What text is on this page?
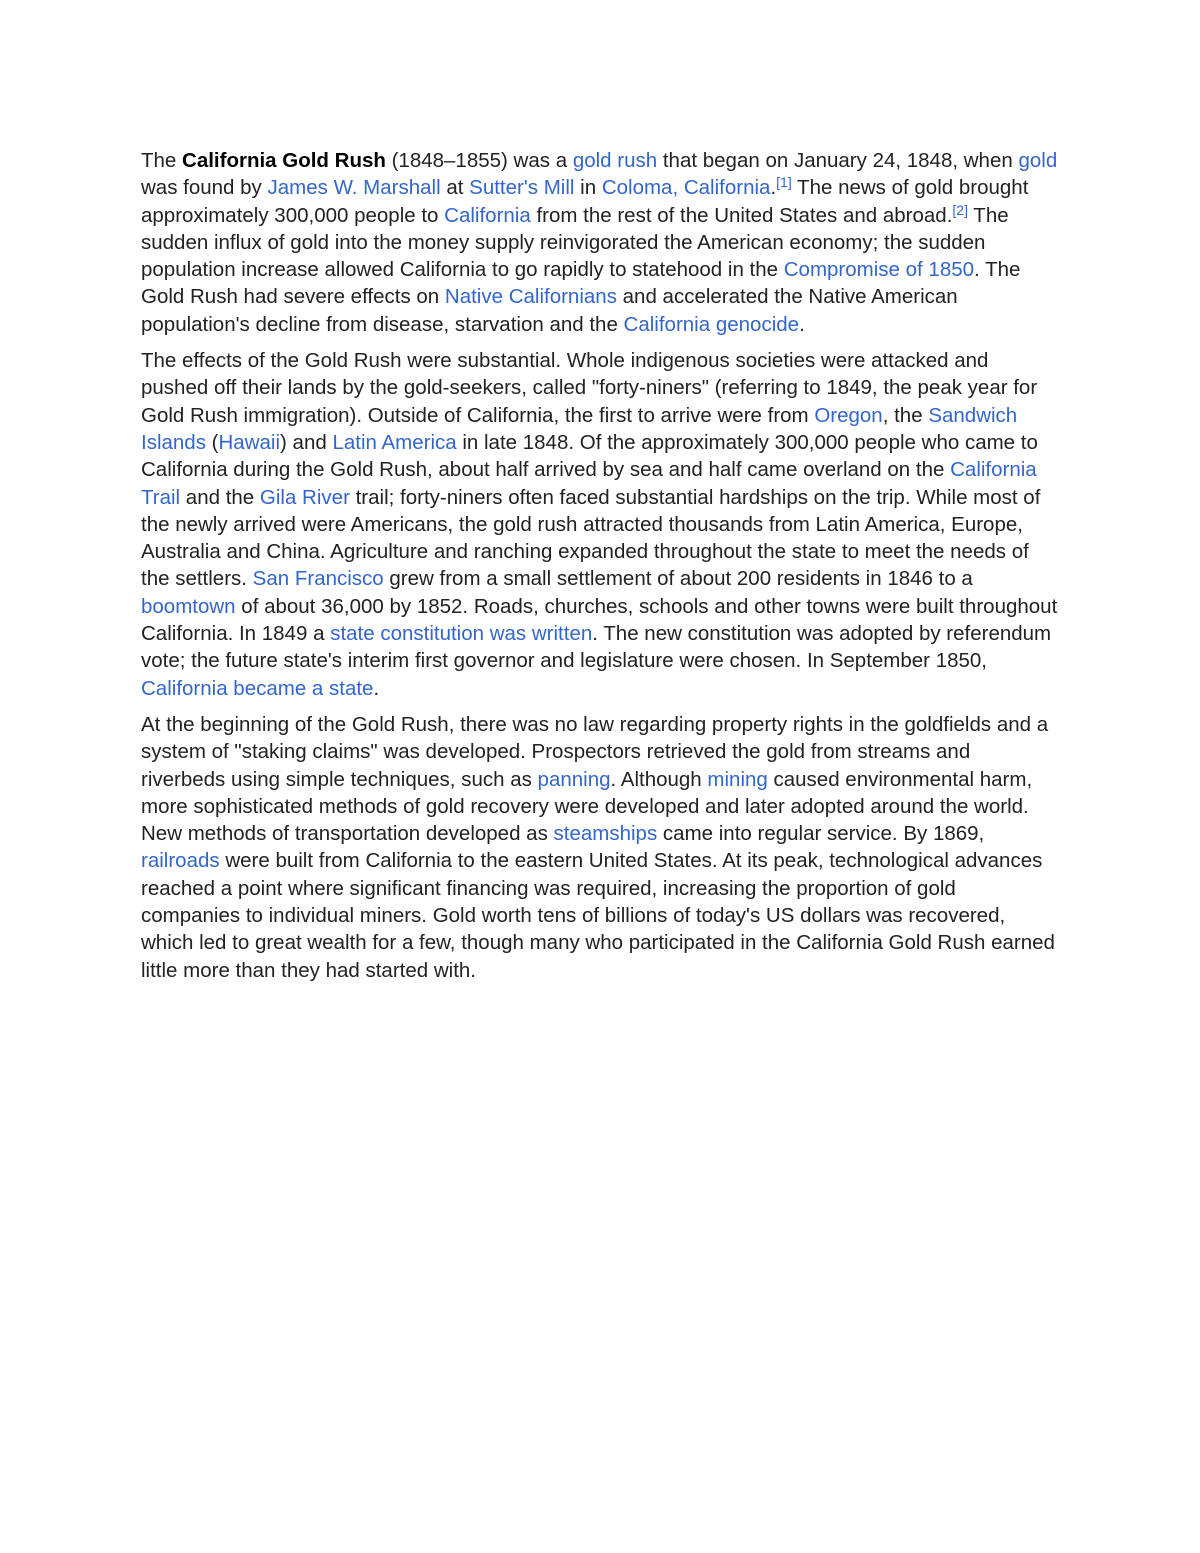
The California Gold Rush (1848–1855) was a gold rush that began on January 24, 1848, when gold was found by James W. Marshall at Sutter's Mill in Coloma, California.[1] The news of gold brought approximately 300,000 people to California from the rest of the United States and abroad.[2] The sudden influx of gold into the money supply reinvigorated the American economy; the sudden population increase allowed California to go rapidly to statehood in the Compromise of 1850. The Gold Rush had severe effects on Native Californians and accelerated the Native American population's decline from disease, starvation and the California genocide.

The effects of the Gold Rush were substantial. Whole indigenous societies were attacked and pushed off their lands by the gold-seekers, called "forty-niners" (referring to 1849, the peak year for Gold Rush immigration). Outside of California, the first to arrive were from Oregon, the Sandwich Islands (Hawaii) and Latin America in late 1848. Of the approximately 300,000 people who came to California during the Gold Rush, about half arrived by sea and half came overland on the California Trail and the Gila River trail; forty-niners often faced substantial hardships on the trip. While most of the newly arrived were Americans, the gold rush attracted thousands from Latin America, Europe, Australia and China. Agriculture and ranching expanded throughout the state to meet the needs of the settlers. San Francisco grew from a small settlement of about 200 residents in 1846 to a boomtown of about 36,000 by 1852. Roads, churches, schools and other towns were built throughout California. In 1849 a state constitution was written. The new constitution was adopted by referendum vote; the future state's interim first governor and legislature were chosen. In September 1850, California became a state.

At the beginning of the Gold Rush, there was no law regarding property rights in the goldfields and a system of "staking claims" was developed. Prospectors retrieved the gold from streams and riverbeds using simple techniques, such as panning. Although mining caused environmental harm, more sophisticated methods of gold recovery were developed and later adopted around the world. New methods of transportation developed as steamships came into regular service. By 1869, railroads were built from California to the eastern United States. At its peak, technological advances reached a point where significant financing was required, increasing the proportion of gold companies to individual miners. Gold worth tens of billions of today's US dollars was recovered, which led to great wealth for a few, though many who participated in the California Gold Rush earned little more than they had started with.
